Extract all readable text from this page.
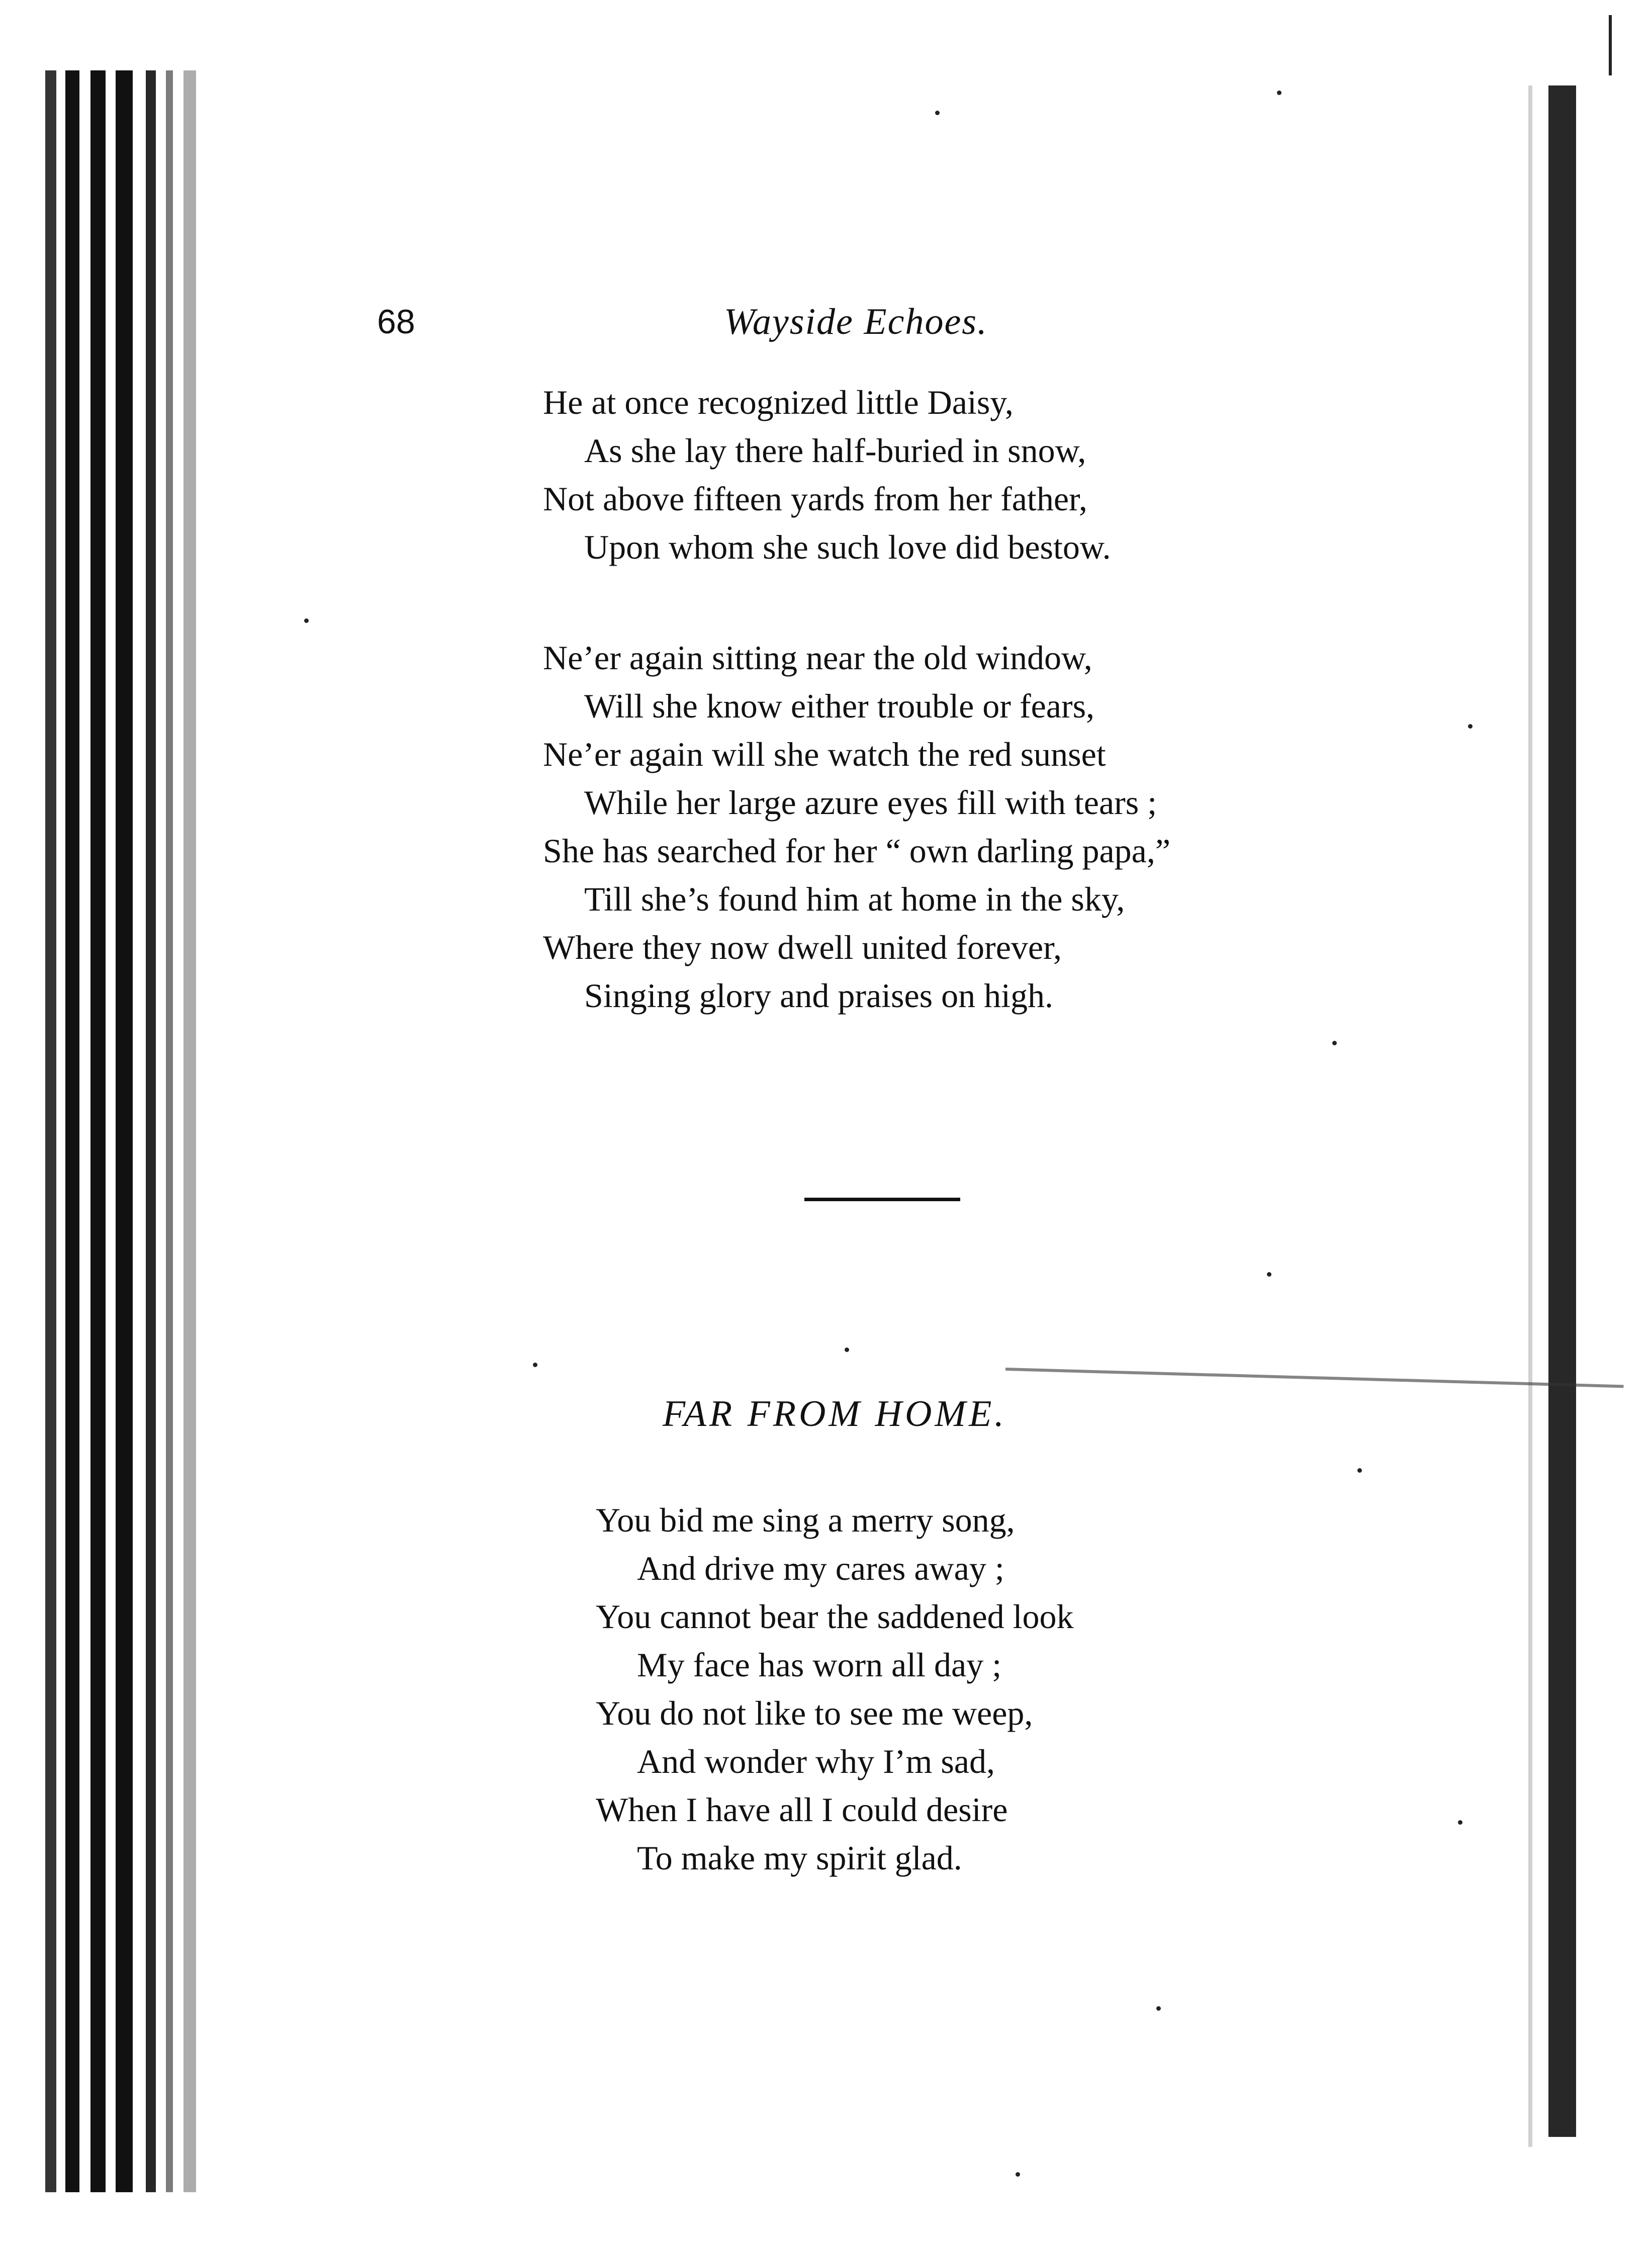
68	Wayside Echoes.
He at once recognized little Daisy,
As she lay there half-buried in snow,
Not above fifteen yards from her father,
Upon whom she such love did bestow.
Ne’er again sitting near the old window,
Will she know either trouble or fears,
Ne’er again will she watch the red sunset
While her large azure eyes fill with tears ;
She has searched for her “ own darling papa,”
Till she’s found him at home in the sky,
Where they now dwell united forever,
Singing glory and praises on high.
FAR FROM HOME.
You bid me sing a merry song,
And drive my cares away ;
You cannot bear the saddened look
My face has worn all day ;
You do not like to see me weep,
And wonder why I’m sad,
When I have all I could desire
To make my spirit glad.
